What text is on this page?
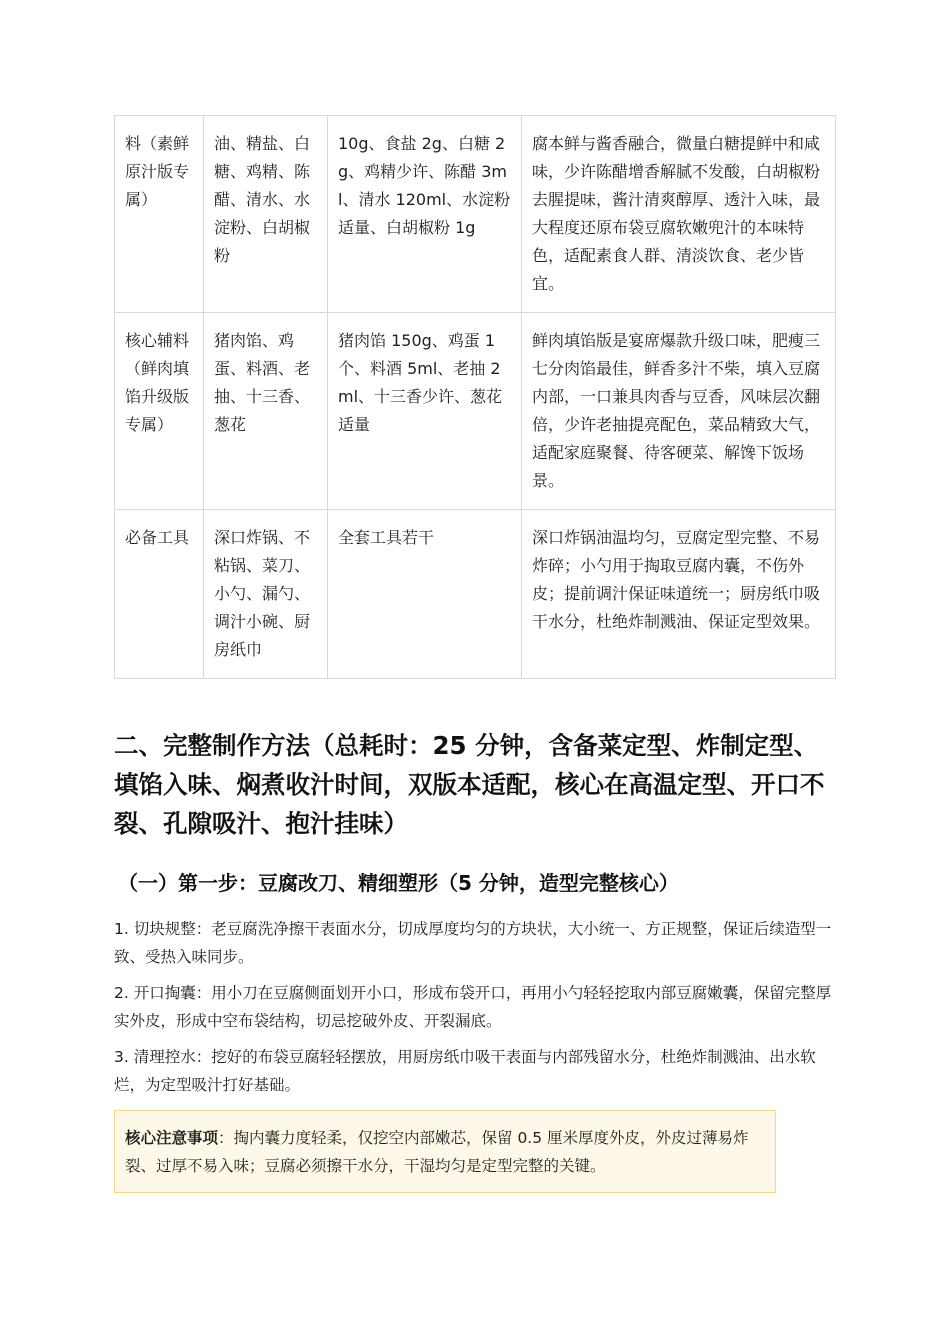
料（素鲜原汁版专属）	油、精盐、白糖、鸡精、陈醋、清水、水淀粉、白胡椒粉	10g、食盐 2g、白糖 2g、鸡精少许、陈醋 3ml、清水 120ml、水淀粉适量、白胡椒粉 1g	腐本鲜与酱香融合，微量白糖提鲜中和咸味，少许陈醋增香解腻不发酸，白胡椒粉去腥提味，酱汁清爽醇厚、透汁入味，最大程度还原布袋豆腐软嫩兜汁的本味特色，适配素食人群、清淡饮食、老少皆宜。
核心辅料（鲜肉填馅升级版专属）	猪肉馅、鸡蛋、料酒、老抽、十三香、葱花	猪肉馅 150g、鸡蛋 1 个、料酒 5ml、老抽 2ml、十三香少许、葱花适量	鲜肉填馅版是宴席爆款升级口味，肥瘦三七分肉馅最佳，鲜香多汁不柴，填入豆腐内部，一口兼具肉香与豆香，风味层次翻倍，少许老抽提亮配色，菜品精致大气，适配家庭聚餐、待客硬菜、解馋下饭场景。
必备工具	深口炸锅、不粘锅、菜刀、小勺、漏勺、调汁小碗、厨房纸巾	全套工具若干	深口炸锅油温均匀，豆腐定型完整、不易炸碎；小勺用于掏取豆腐内囊，不伤外皮；提前调汁保证味道统一；厨房纸巾吸干水分，杜绝炸制溅油、保证定型效果。
二、完整制作方法（总耗时：25 分钟，含备菜定型、炸制定型、填馅入味、焖煮收汁时间，双版本适配，核心在高温定型、开口不裂、孔隙吸汁、抱汁挂味）
（一）第一步：豆腐改刀、精细塑形（5 分钟，造型完整核心）

1. 切块规整：老豆腐洗净擦干表面水分，切成厚度均匀的方块状，大小统一、方正规整，保证后续造型一致、受热入味同步。

2. 开口掏囊：用小刀在豆腐侧面划开小口，形成布袋开口，再用小勺轻轻挖取内部豆腐嫩囊，保留完整厚实外皮，形成中空布袋结构，切忌挖破外皮、开裂漏底。

3. 清理控水：挖好的布袋豆腐轻轻摆放，用厨房纸巾吸干表面与内部残留水分，杜绝炸制溅油、出水软烂，为定型吸汁打好基础。

核心注意事项：掏内囊力度轻柔，仅挖空内部嫩芯，保留 0.5 厘米厚度外皮，外皮过薄易炸裂、过厚不易入味；豆腐必须擦干水分，干湿均匀是定型完整的关键。
